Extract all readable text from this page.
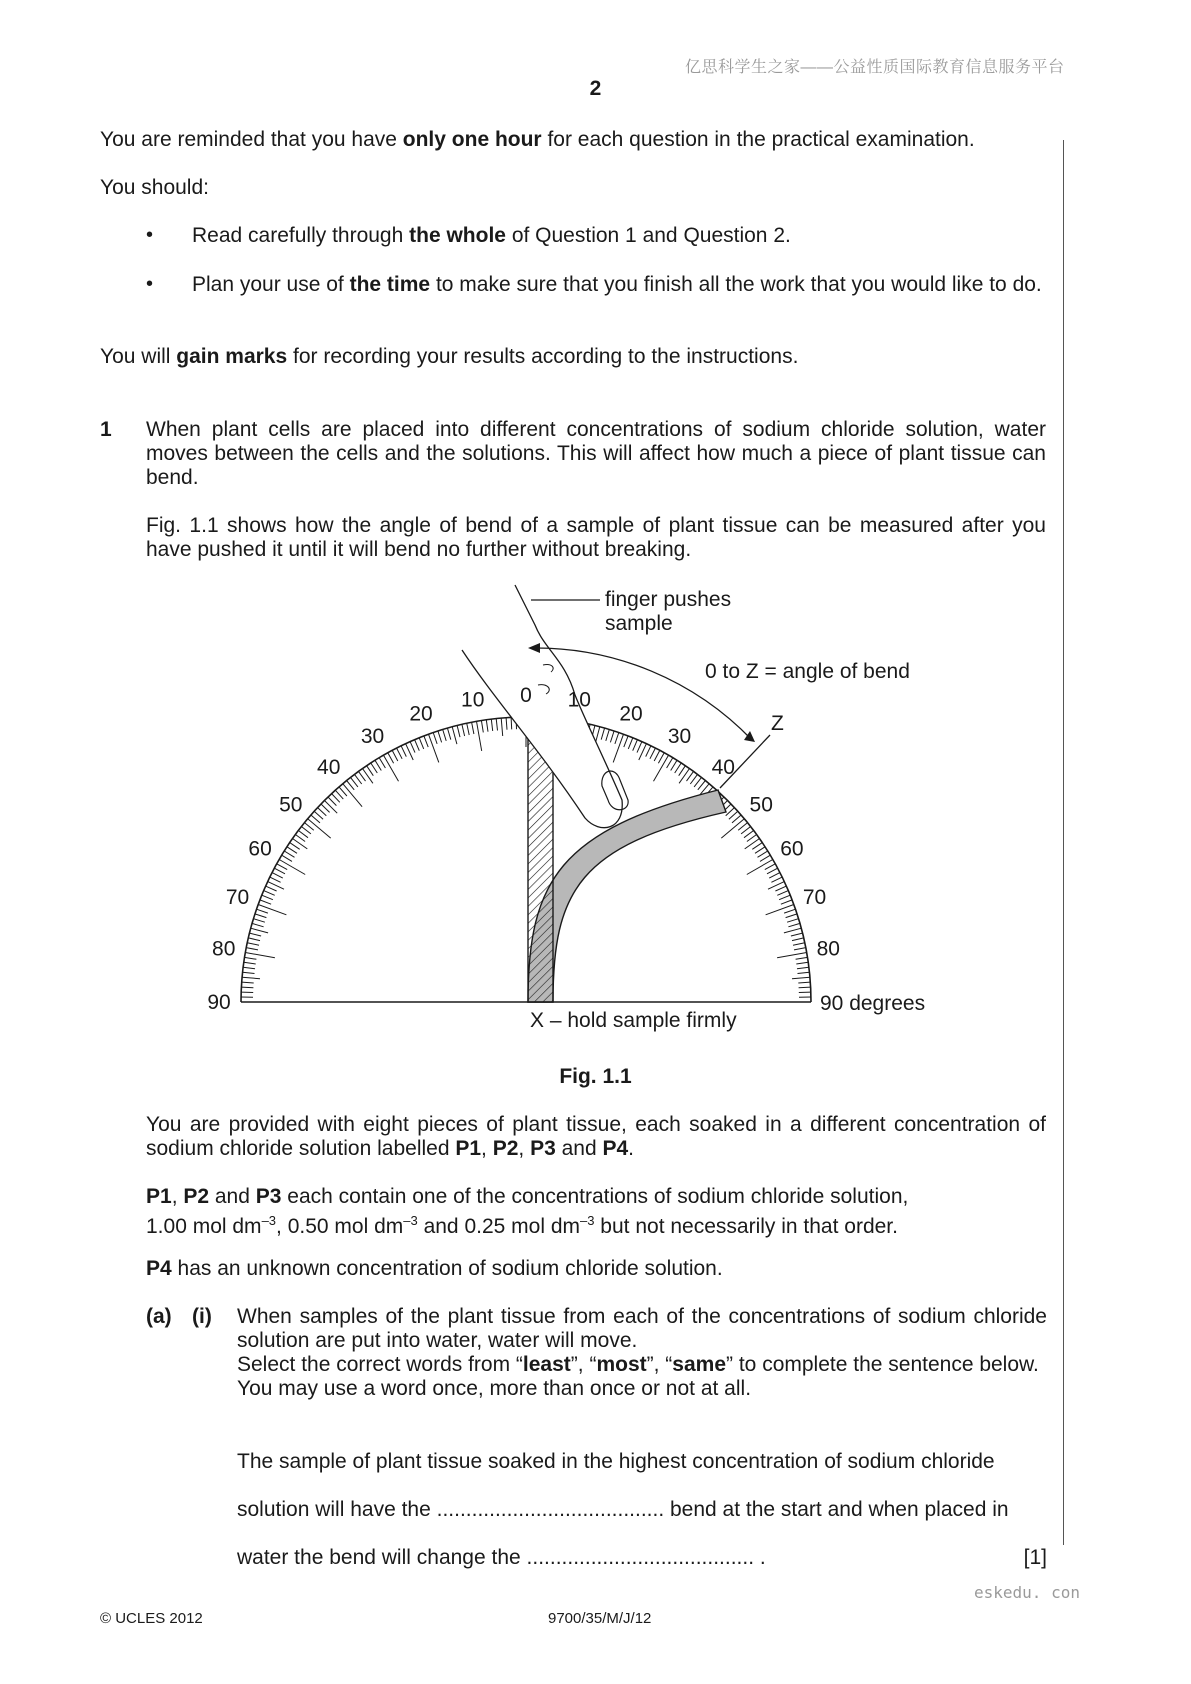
亿思科学生之家——公益性质国际教育信息服务平台
2
You are reminded that you have only one hour for each question in the practical examination.
You should:
• Read carefully through the whole of Question 1 and Question 2.
• Plan your use of the time to make sure that you finish all the work that you would like to do.
You will gain marks for recording your results according to the instructions.
1 When plant cells are placed into different concentrations of sodium chloride solution, water moves between the cells and the solutions. This will affect how much a piece of plant tissue can bend.
Fig. 1.1 shows how the angle of bend of a sample of plant tissue can be measured after you have pushed it until it will bend no further without breaking.
finger pushes
sample
0 to Z = angle of bend
Z
X – hold sample firmly
90 degrees
0
10
20
30
40
50
60
70
80
90
10
20
30
40
50
60
70
80
Fig. 1.1
You are provided with eight pieces of plant tissue, each soaked in a different concentration of sodium chloride solution labelled P1, P2, P3 and P4.
P1, P2 and P3 each contain one of the concentrations of sodium chloride solution,
1.00 mol $dm^{-3}$, 0.50 mol $dm^{-3}$ and 0.25 mol $dm^{-3}$ but not necessarily in that order.
P4 has an unknown concentration of sodium chloride solution.
(a) (i) When samples of the plant tissue from each of the concentrations of sodium chloride solution are put into water, water will move.
Select the correct words from “least”, “most”, “same” to complete the sentence below.
You may use a word once, more than once or not at all.
The sample of plant tissue soaked in the highest concentration of sodium chloride
solution will have the ....................................... bend at the start and when placed in
water the bend will change the ....................................... .	[1]
eskedu. con
© UCLES 2012	9700/35/M/J/12
